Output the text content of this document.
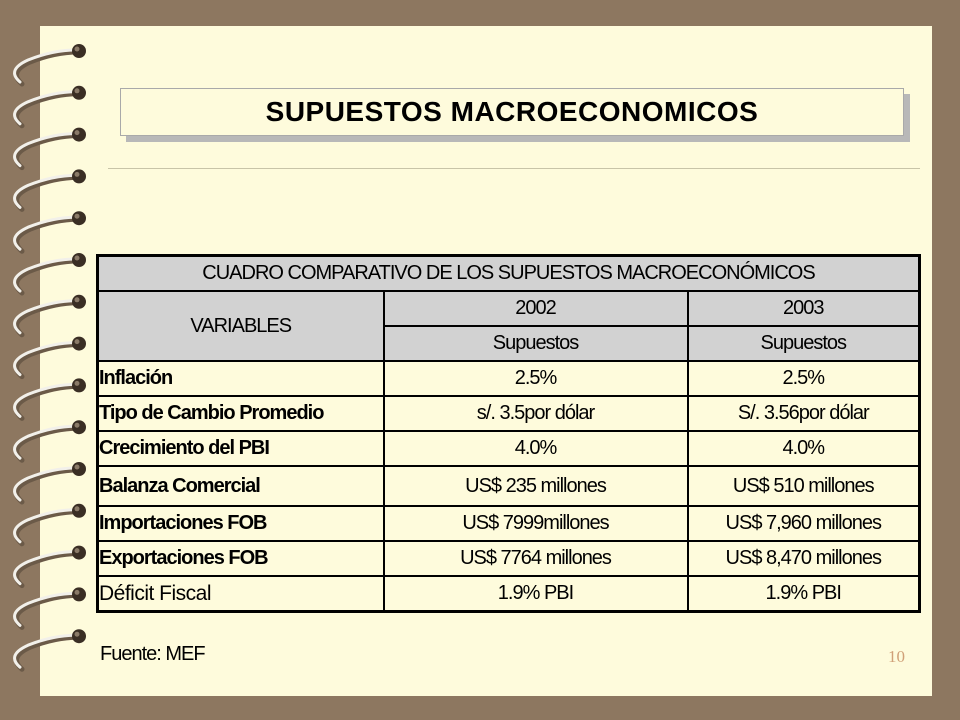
SUPUESTOS MACROECONOMICOS
CUADRO COMPARATIVO DE LOS SUPUESTOS MACROECONÓMICOS		
VARIABLES	2002	2003
	Supuestos	Supuestos
Inflación	2.5%	2.5%
Tipo de Cambio Promedio	s/. 3.5por dólar	S/. 3.56por dólar
Crecimiento del PBI	4.0%	4.0%
Balanza Comercial	US$ 235 millones	US$ 510 millones
Importaciones FOB	US$ 7999millones	US$ 7,960 millones
Exportaciones FOB	US$ 7764 millones	US$ 8,470 millones
Déficit Fiscal	1.9% PBI	1.9% PBI
Fuente: MEF	10
